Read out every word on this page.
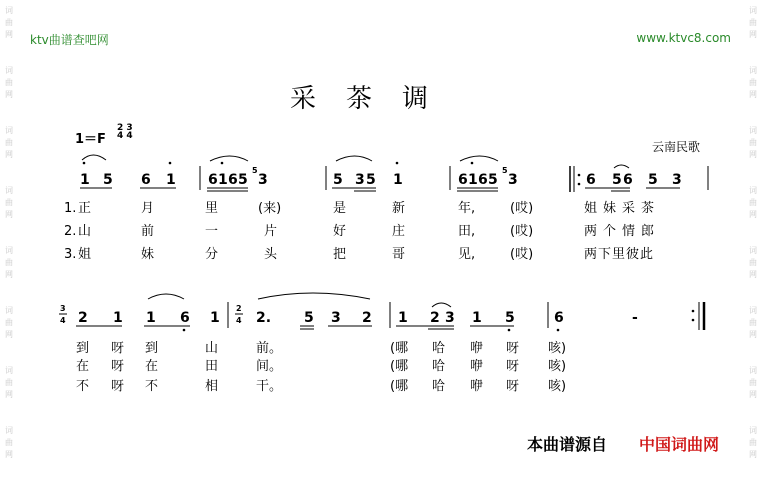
词
曲
网
词
曲
网
词
曲
网
词
曲
网
词
曲
网
词
曲
网
词
曲
网
词
曲
网
词
曲
网
词
曲
网
词
曲
网
词
曲
网
词
曲
网
词
曲
网
词
曲
网
词
曲
网
ktv曲谱查吧网	www.ktvc8.com
采茶调
1＝F
2 3
4 4
云南民歌
1 5 6 1 6 1 6 5
5
3	5 3 5 1	6 1 6 5
5
3	6 5 6 5 3
1. 正	月	里	(来)	是	新	年,	(哎)	姐妹采茶
2. 山	前	一	片	好	庄	田,	(哎)	两个情郎
3. 姐	妹	分	头	把	哥	见,	(哎)	两下里彼此
3
4 2 1 1 6 1
2
4 2. 5 3 2 1 2 3 1 5	6	-
到 呀 到	山	前。	(哪 哈 咿 呀 咳)
在 呀 在	田	间。	(哪 哈 咿 呀 咳)
不 呀 不	相	干。	(哪 哈 咿 呀 咳)
本曲谱源自 中国词曲网
